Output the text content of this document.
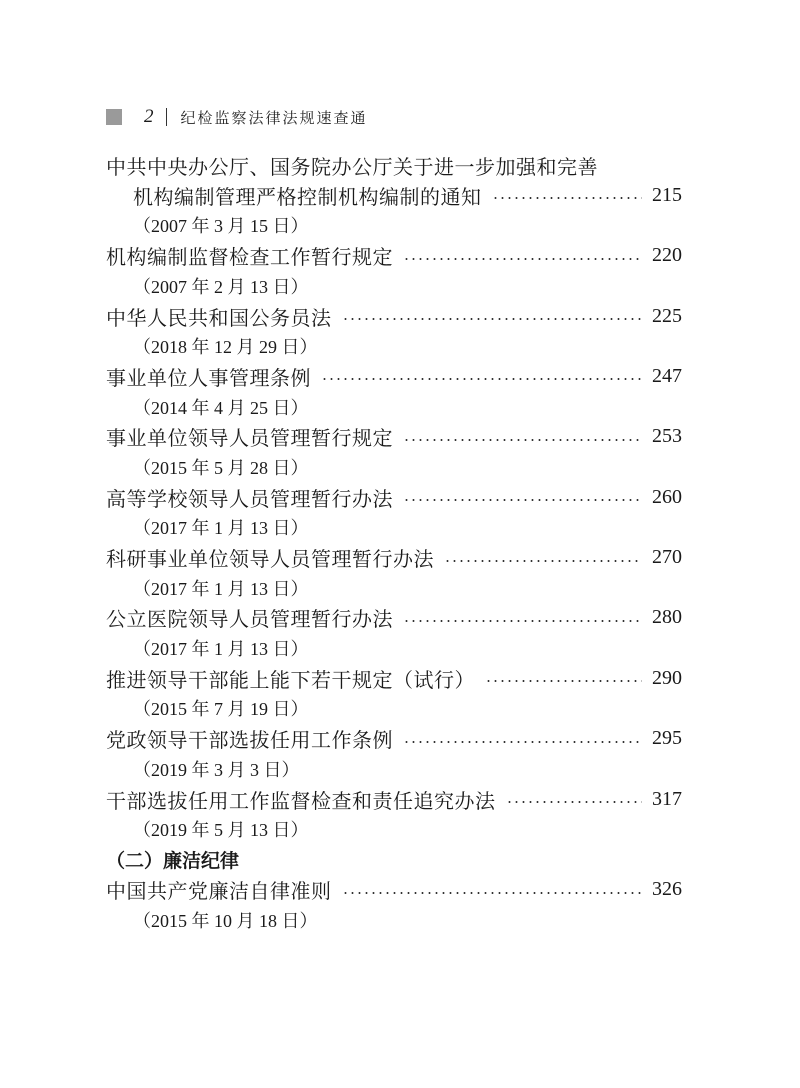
2 纪检监察法律法规速查通
中共中央办公厅、国务院办公厅关于进一步加强和完善
机构编制管理严格控制机构编制的通知	215
（2007 年 3 月 15 日）
机构编制监督检查工作暂行规定	220
（2007 年 2 月 13 日）
中华人民共和国公务员法	225
（2018 年 12 月 29 日）
事业单位人事管理条例	247
（2014 年 4 月 25 日）
事业单位领导人员管理暂行规定	253
（2015 年 5 月 28 日）
高等学校领导人员管理暂行办法	260
（2017 年 1 月 13 日）
科研事业单位领导人员管理暂行办法	270
（2017 年 1 月 13 日）
公立医院领导人员管理暂行办法	280
（2017 年 1 月 13 日）
推进领导干部能上能下若干规定（试行）	290
（2015 年 7 月 19 日）
党政领导干部选拔任用工作条例	295
（2019 年 3 月 3 日）
干部选拔任用工作监督检查和责任追究办法	317
（2019 年 5 月 13 日）
（二）廉洁纪律
中国共产党廉洁自律准则	326
（2015 年 10 月 18 日）
